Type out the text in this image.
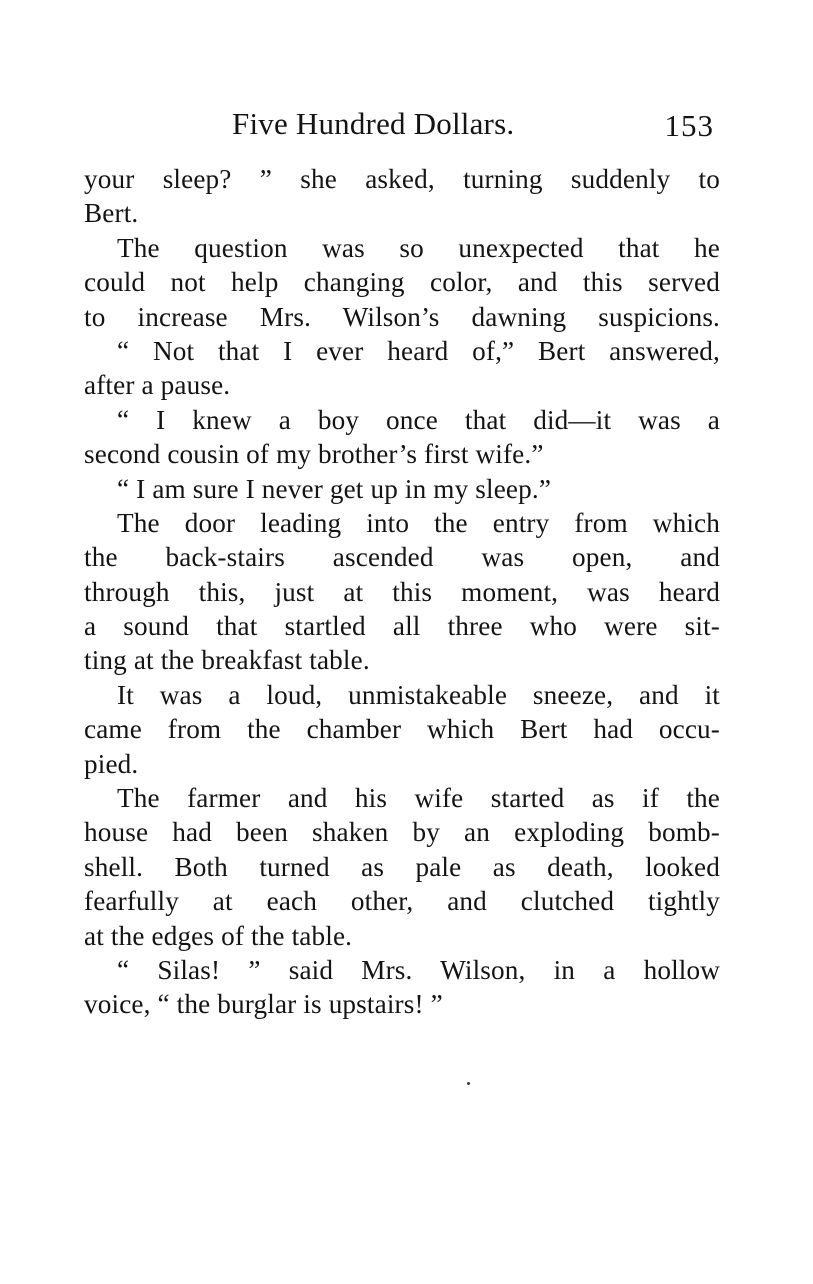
Five Hundred Dollars.	153
your sleep? ” she asked, turning suddenly to
Bert.
The question was so unexpected that he
could not help changing color, and this served
to increase Mrs. Wilson’s dawning suspicions.
“ Not that I ever heard of,” Bert answered,
after a pause.
“ I knew a boy once that did—it was a
second cousin of my brother’s first wife.”
“ I am sure I never get up in my sleep.”
The door leading into the entry from which
the back-stairs ascended was open, and
through this, just at this moment, was heard
a sound that startled all three who were sit-
ting at the breakfast table.
It was a loud, unmistakeable sneeze, and it
came from the chamber which Bert had occu-
pied.
The farmer and his wife started as if the
house had been shaken by an exploding bomb-
shell. Both turned as pale as death, looked
fearfully at each other, and clutched tightly
at the edges of the table.
“ Silas! ” said Mrs. Wilson, in a hollow
voice, “ the burglar is upstairs! ”
